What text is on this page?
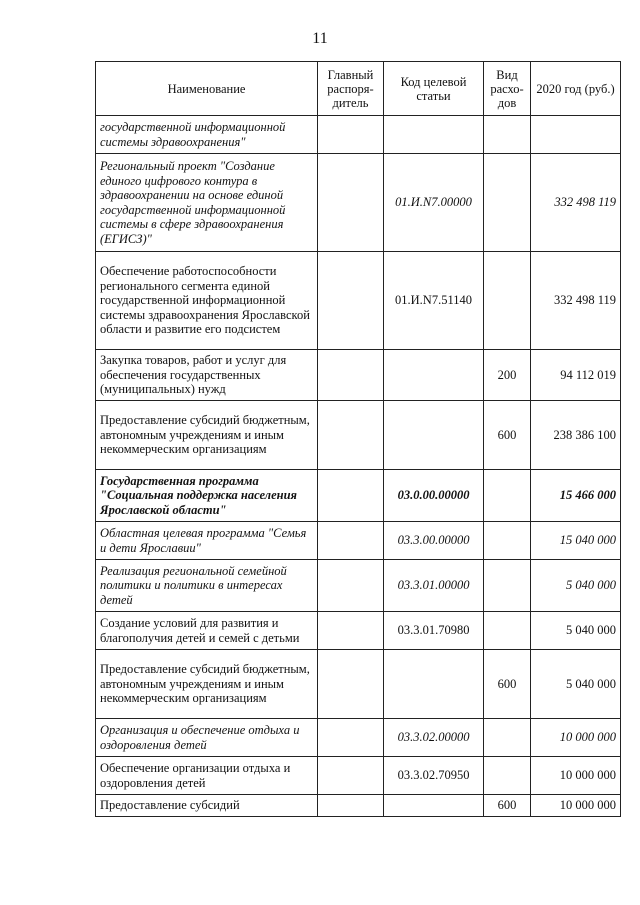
11
Наименование	Главный распоря-дитель	Код целевой статьи	Вид расхо-дов	2020 год (руб.)
государственной информационной системы здравоохранения"				
Региональный проект "Создание единого цифрового контура в здравоохранении на основе единой государственной информационной системы в сфере здравоохранения (ЕГИСЗ)"		01.И.N7.00000		332 498 119
Обеспечение работоспособности регионального сегмента единой государственной информационной системы здравоохранения Ярославской области и развитие его подсистем		01.И.N7.51140		332 498 119
Закупка товаров, работ и услуг для обеспечения государственных (муниципальных) нужд			200	94 112 019
Предоставление субсидий бюджетным, автономным учреждениям и иным некоммерческим организациям			600	238 386 100
Государственная программа "Социальная поддержка населения Ярославской области"		03.0.00.00000		15 466 000
Областная целевая программа "Семья и дети Ярославии"		03.3.00.00000		15 040 000
Реализация региональной семейной политики и политики в интересах детей		03.3.01.00000		5 040 000
Создание условий для развития и благополучия детей и семей с детьми		03.3.01.70980		5 040 000
Предоставление субсидий бюджетным, автономным учреждениям и иным некоммерческим организациям			600	5 040 000
Организация и обеспечение отдыха и оздоровления детей		03.3.02.00000		10 000 000
Обеспечение организации отдыха и оздоровления детей		03.3.02.70950		10 000 000
Предоставление субсидий			600	10 000 000
